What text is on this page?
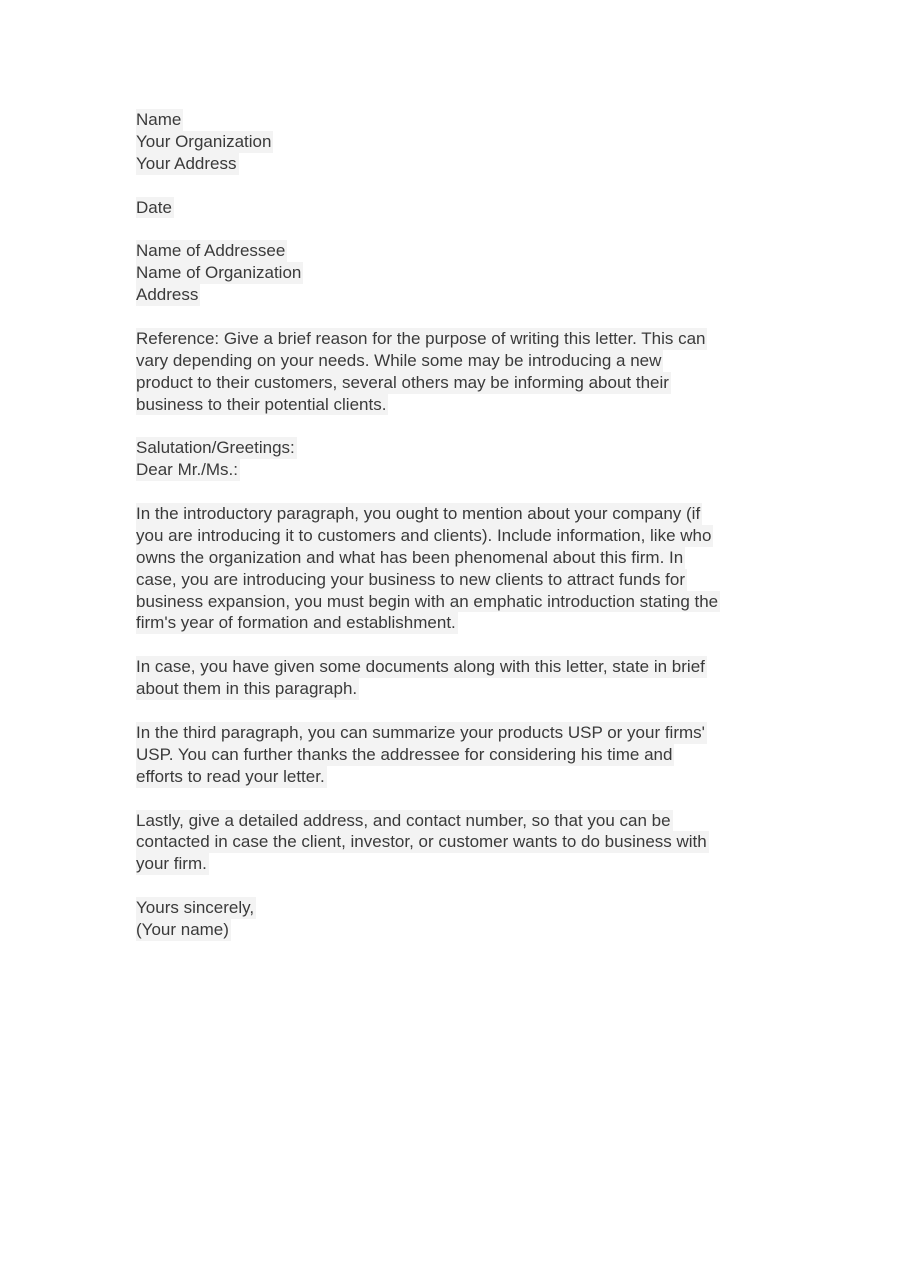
Name
Your Organization
Your Address
Date
Name of Addressee
Name of Organization
Address
Reference: Give a brief reason for the purpose of writing this letter. This can
vary depending on your needs. While some may be introducing a new
product to their customers, several others may be informing about their
business to their potential clients.
Salutation/Greetings:
Dear Mr./Ms.:
In the introductory paragraph, you ought to mention about your company (if
you are introducing it to customers and clients). Include information, like who
owns the organization and what has been phenomenal about this firm. In
case, you are introducing your business to new clients to attract funds for
business expansion, you must begin with an emphatic introduction stating the
firm's year of formation and establishment.
In case, you have given some documents along with this letter, state in brief
about them in this paragraph.
In the third paragraph, you can summarize your products USP or your firms'
USP. You can further thanks the addressee for considering his time and
efforts to read your letter.
Lastly, give a detailed address, and contact number, so that you can be
contacted in case the client, investor, or customer wants to do business with
your firm.
Yours sincerely,
(Your name)
